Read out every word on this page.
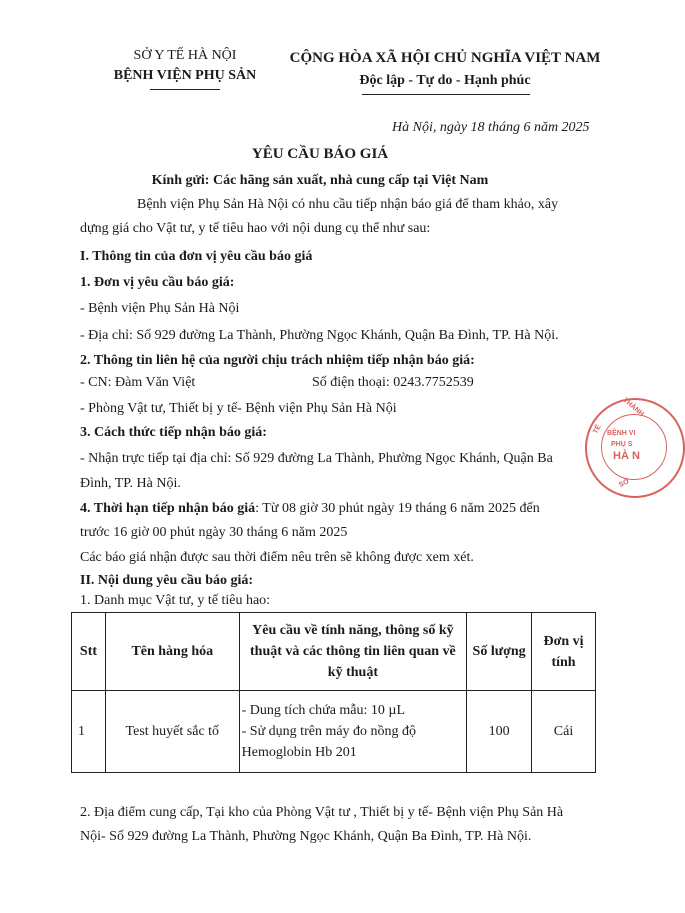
SỞ Y TẾ HÀ NỘI
BỆNH VIỆN PHỤ SẢN
CỘNG HÒA XÃ HỘI CHỦ NGHĨA VIỆT NAM
Độc lập - Tự do - Hạnh phúc
Hà Nội, ngày 18 tháng 6 năm 2025
YÊU CẦU BÁO GIÁ
Kính gửi: Các hãng sản xuất, nhà cung cấp tại Việt Nam
Bệnh viện Phụ Sản Hà Nội có nhu cầu tiếp nhận báo giá để tham khảo, xây
dựng giá cho Vật tư, y tế tiêu hao với nội dung cụ thể như sau:
I. Thông tin của đơn vị yêu cầu báo giá
1. Đơn vị yêu cầu báo giá:
- Bệnh viện Phụ Sản Hà Nội
- Địa chỉ: Số 929 đường La Thành, Phường Ngọc Khánh, Quận Ba Đình, TP. Hà Nội.
2. Thông tin liên hệ của người chịu trách nhiệm tiếp nhận báo giá:
- CN: Đàm Văn Việt	Số điện thoại: 0243.7752539
- Phòng Vật tư, Thiết bị y tế- Bệnh viện Phụ Sản Hà Nội
3. Cách thức tiếp nhận báo giá:
- Nhận trực tiếp tại địa chỉ: Số 929 đường La Thành, Phường Ngọc Khánh, Quận Ba
Đình, TP. Hà Nội.
4. Thời hạn tiếp nhận báo giá: Từ 08 giờ 30 phút ngày 19 tháng 6 năm 2025 đến
trước 16 giờ 00 phút ngày 30 tháng 6 năm 2025
Các báo giá nhận được sau thời điểm nêu trên sẽ không được xem xét.
II. Nội dung yêu cầu báo giá:
1. Danh mục Vật tư, y tế tiêu hao:
Stt	Tên hàng hóa	Yêu cầu về tính năng, thông số kỹ thuật và các thông tin liên quan về kỹ thuật	Số lượng	Đơn vị tính
1	Test huyết sắc tố	- Dung tích chứa mẫu: 10 µL
- Sử dụng trên máy đo nồng độ Hemoglobin Hb 201	100	Cái
2. Địa điểm cung cấp, Tại kho của Phòng Vật tư , Thiết bị y tế- Bệnh viện Phụ Sản Hà
Nội- Số 929 đường La Thành, Phường Ngọc Khánh, Quận Ba Đình, TP. Hà Nội.
THÀNH
TẾ BỆNH VI
PHỤ S
HÀ N
SỞ
